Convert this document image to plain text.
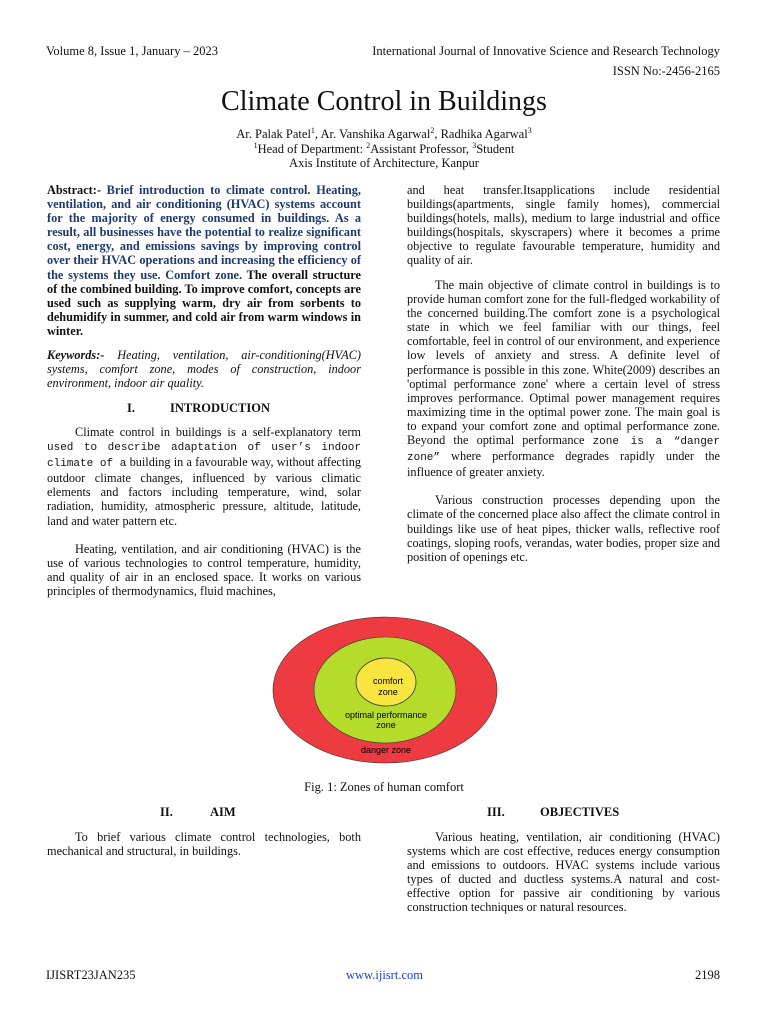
Volume 8, Issue 1, January – 2023	International Journal of Innovative Science and Research Technology
ISSN No:-2456-2165
Climate Control in Buildings
Ar. Palak Patel$^1$, Ar. Vanshika Agarwal$^2$, Radhika Agarwal$^3$
$^1$Head of Department: $^2$Assistant Professor, $^3$Student
Axis Institute of Architecture, Kanpur
Abstract:- Brief introduction to climate control. Heating, ventilation, and air conditioning (HVAC) systems account for the majority of energy consumed in buildings. As a result, all businesses have the potential to realize significant cost, energy, and emissions savings by improving control over their HVAC operations and increasing the efficiency of the systems they use. Comfort zone. The overall structure of the combined building. To improve comfort, concepts are used such as supplying warm, dry air from sorbents to dehumidify in summer, and cold air from warm windows in winter.
Keywords:- Heating, ventilation, air-conditioning(HVAC) systems, comfort zone, modes of construction, indoor environment, indoor air quality.
I.	INTRODUCTION

Climate control in buildings is a self-explanatory term used to describe adaptation of user’s indoor climate of a building in a favourable way, without affecting outdoor climate changes, influenced by various climatic elements and factors including temperature, wind, solar radiation, humidity, atmospheric pressure, altitude, latitude, land and water pattern etc.

Heating, ventilation, and air conditioning (HVAC) is the use of various technologies to control temperature, humidity, and quality of air in an enclosed space. It works on various principles of thermodynamics, fluid machines,

and heat transfer.Itsapplications include residential buildings(apartments, single family homes), commercial buildings(hotels, malls), medium to large industrial and office buildings(hospitals, skyscrapers) where it becomes a prime objective to regulate favourable temperature, humidity and quality of air.

The main objective of climate control in buildings is to provide human comfort zone for the full-fledged workability of the concerned building.The comfort zone is a psychological state in which we feel familiar with our things, feel comfortable, feel in control of our environment, and experience low levels of anxiety and stress. A definite level of performance is possible in this zone. White(2009) describes an 'optimal performance zone' where a certain level of stress improves performance. Optimal power management requires maximizing time in the optimal power zone. The main goal is to expand your comfort zone and optimal performance zone. Beyond the optimal performance zone is a “danger zone” where performance degrades rapidly under the influence of greater anxiety.

Various construction processes depending upon the climate of the concerned place also affect the climate control in buildings like use of heat pipes, thicker walls, reflective roof coatings, sloping roofs, verandas, water bodies, proper size and position of openings etc.

comfort
zone
optimal performance
zone
danger zone
Fig. 1: Zones of human comfort
II.	AIM

To brief various climate control technologies, both mechanical and structural, in buildings.

III.	OBJECTIVES

Various heating, ventilation, air conditioning (HVAC) systems which are cost effective, reduces energy consumption and emissions to outdoors. HVAC systems include various types of ducted and ductless systems.A natural and cost-effective option for passive air conditioning by various construction techniques or natural resources.

IJISRT23JAN235	www.ijisrt.com	2198
